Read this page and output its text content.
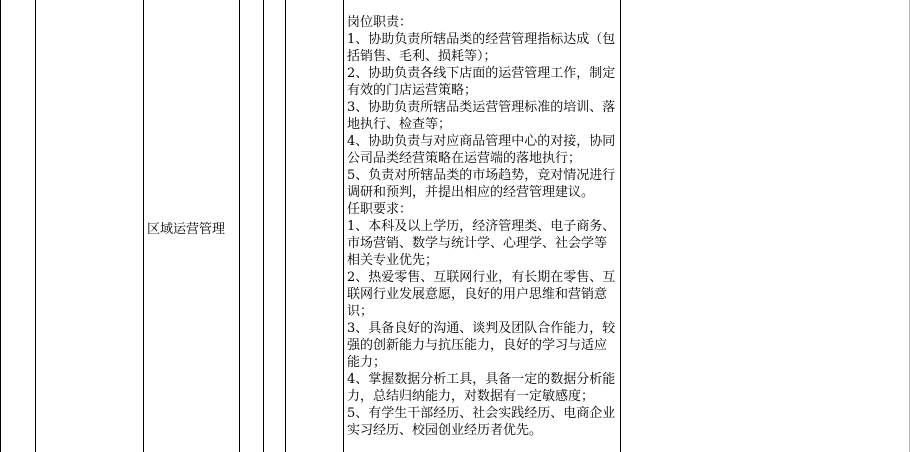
区域运营管理
岗位职责：
1、协助负责所辖品类的经营管理指标达成（包
括销售、毛利、损耗等）；
2、协助负责各线下店面的运营管理工作，制定
有效的门店运营策略；
3、协助负责所辖品类运营管理标准的培训、落
地执行、检查等；
4、协助负责与对应商品管理中心的对接，协同
公司品类经营策略在运营端的落地执行；
5、负责对所辖品类的市场趋势，竞对情况进行
调研和预判，并提出相应的经营管理建议。
任职要求：
1、本科及以上学历，经济管理类、电子商务、
市场营销、数学与统计学、心理学、社会学等
相关专业优先；
2、热爱零售、互联网行业，有长期在零售、互
联网行业发展意愿，良好的用户思维和营销意
识；
3、具备良好的沟通、谈判及团队合作能力，较
强的创新能力与抗压能力，良好的学习与适应
能力；
4、掌握数据分析工具，具备一定的数据分析能
力，总结归纳能力，对数据有一定敏感度；
5、有学生干部经历、社会实践经历、电商企业
实习经历、校园创业经历者优先。
